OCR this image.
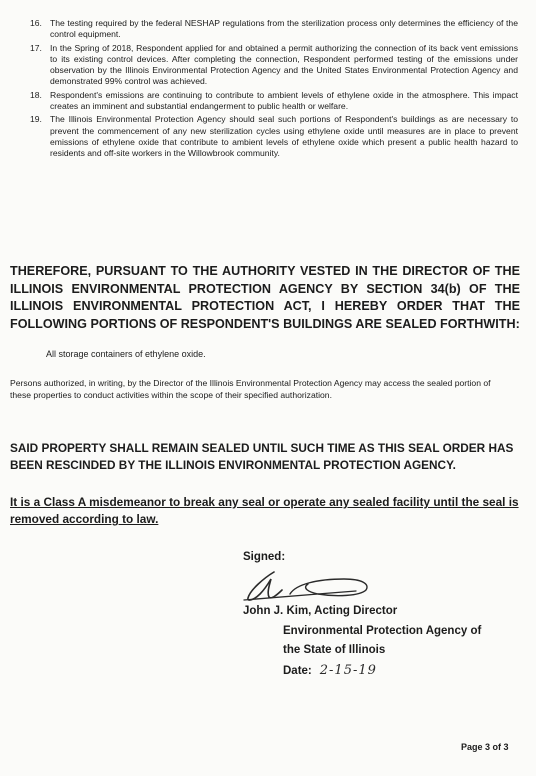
16. The testing required by the federal NESHAP regulations from the sterilization process only determines the efficiency of the control equipment.
17. In the Spring of 2018, Respondent applied for and obtained a permit authorizing the connection of its back vent emissions to its existing control devices. After completing the connection, Respondent performed testing of the emissions under observation by the Illinois Environmental Protection Agency and the United States Environmental Protection Agency and demonstrated 99% control was achieved.
18. Respondent's emissions are continuing to contribute to ambient levels of ethylene oxide in the atmosphere. This impact creates an imminent and substantial endangerment to public health or welfare.
19. The Illinois Environmental Protection Agency should seal such portions of Respondent's buildings as are necessary to prevent the commencement of any new sterilization cycles using ethylene oxide until measures are in place to prevent emissions of ethylene oxide that contribute to ambient levels of ethylene oxide which present a public health hazard to residents and off-site workers in the Willowbrook community.
THEREFORE, PURSUANT TO THE AUTHORITY VESTED IN THE DIRECTOR OF THE ILLINOIS ENVIRONMENTAL PROTECTION AGENCY BY SECTION 34(b) OF THE ILLINOIS ENVIRONMENTAL PROTECTION ACT, I HEREBY ORDER THAT THE FOLLOWING PORTIONS OF RESPONDENT'S BUILDINGS ARE SEALED FORTHWITH:
All storage containers of ethylene oxide.
Persons authorized, in writing, by the Director of the Illinois Environmental Protection Agency may access the sealed portion of these properties to conduct activities within the scope of their specified authorization.
SAID PROPERTY SHALL REMAIN SEALED UNTIL SUCH TIME AS THIS SEAL ORDER HAS BEEN RESCINDED BY THE ILLINOIS ENVIRONMENTAL PROTECTION AGENCY.
It is a Class A misdemeanor to break any seal or operate any sealed facility until the seal is removed according to law.
Signed:
John J. Kim, Acting Director
Environmental Protection Agency of
the State of Illinois
Date: 2-15-19
Page 3 of 3
